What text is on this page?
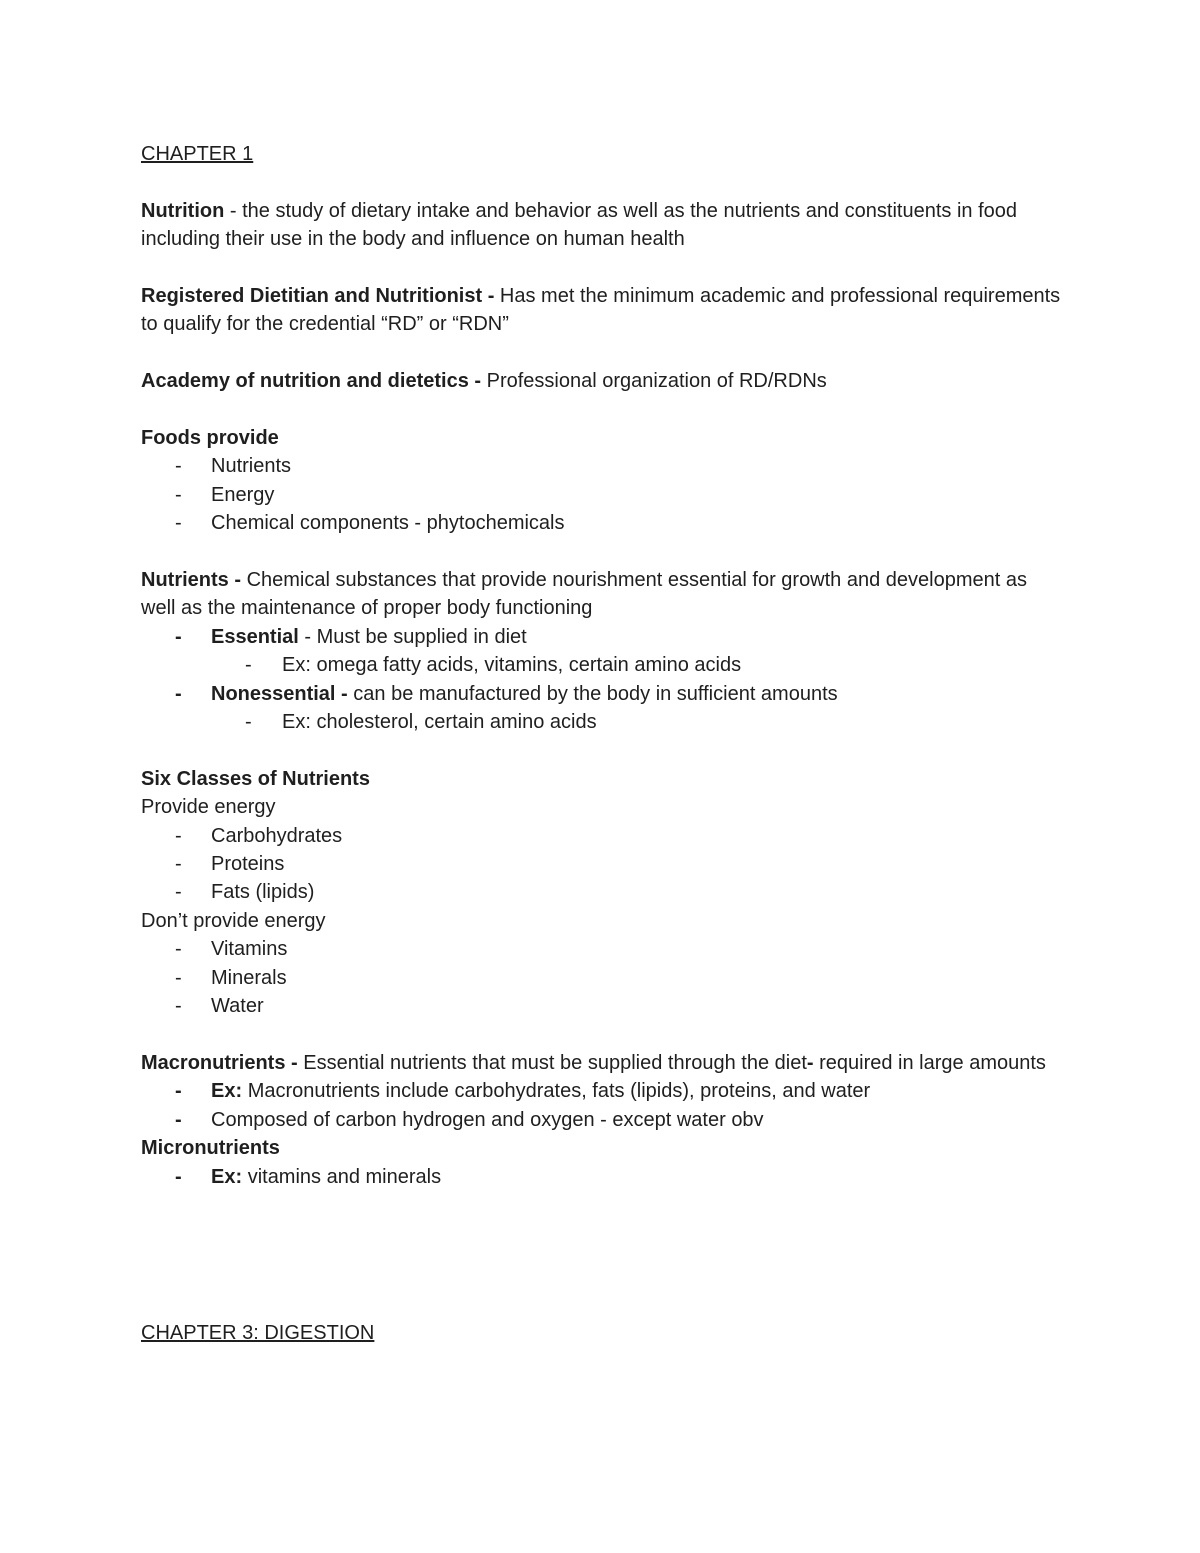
CHAPTER 1

Nutrition - the study of dietary intake and behavior as well as the nutrients and constituents in food including their use in the body and influence on human health

Registered Dietitian and Nutritionist - Has met the minimum academic and professional requirements to qualify for the credential “RD” or “RDN”

Academy of nutrition and dietetics - Professional organization of RD/RDNs

Foods provide

- Nutrients

- Energy

- Chemical components - phytochemicals

Nutrients - Chemical substances that provide nourishment essential for growth and development as well as the maintenance of proper body functioning

- Essential - Must be supplied in diet

- Ex: omega fatty acids, vitamins, certain amino acids

- Nonessential - can be manufactured by the body in sufficient amounts

- Ex: cholesterol, certain amino acids

Six Classes of Nutrients

Provide energy

- Carbohydrates

- Proteins

- Fats (lipids)

Don’t provide energy

- Vitamins

- Minerals

- Water

Macronutrients - Essential nutrients that must be supplied through the diet- required in large amounts

- Ex: Macronutrients include carbohydrates, fats (lipids), proteins, and water

- Composed of carbon hydrogen and oxygen - except water obv

Micronutrients

- Ex: vitamins and minerals

CHAPTER 3: DIGESTION
